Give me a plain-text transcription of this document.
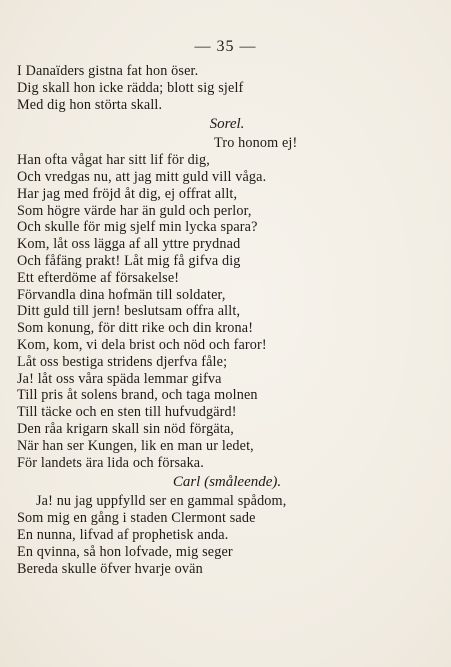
— 35 —
I Danaïders gistna fat hon öser.
Dig skall hon icke rädda; blott sig sjelf
Med dig hon störta skall.
Sorel.
Tro honom ej!
Han ofta vågat har sitt lif för dig,
Och vredgas nu, att jag mitt guld vill våga.
Har jag med fröjd åt dig, ej offrat allt,
Som högre värde har än guld och perlor,
Och skulle för mig sjelf min lycka spara?
Kom, låt oss lägga af all yttre prydnad
Och fåfäng prakt! Låt mig få gifva dig
Ett efterdöme af försakelse!
Förvandla dina hofmän till soldater,
Ditt guld till jern! beslutsam offra allt,
Som konung, för ditt rike och din krona!
Kom, kom, vi dela brist och nöd och faror!
Låt oss bestiga stridens djerfva fåle;
Ja! låt oss våra späda lemmar gifva
Till pris åt solens brand, och taga molnen
Till täcke och en sten till hufvudgärd!
Den råa krigarn skall sin nöd förgäta,
När han ser Kungen, lik en man ur ledet,
För landets ära lida och försaka.
Carl (småleende).
Ja! nu jag uppfylld ser en gammal spådom,
Som mig en gång i staden Clermont sade
En nunna, lifvad af prophetisk anda.
En qvinna, så hon lofvade, mig seger
Bereda skulle öfver hvarje ovän
